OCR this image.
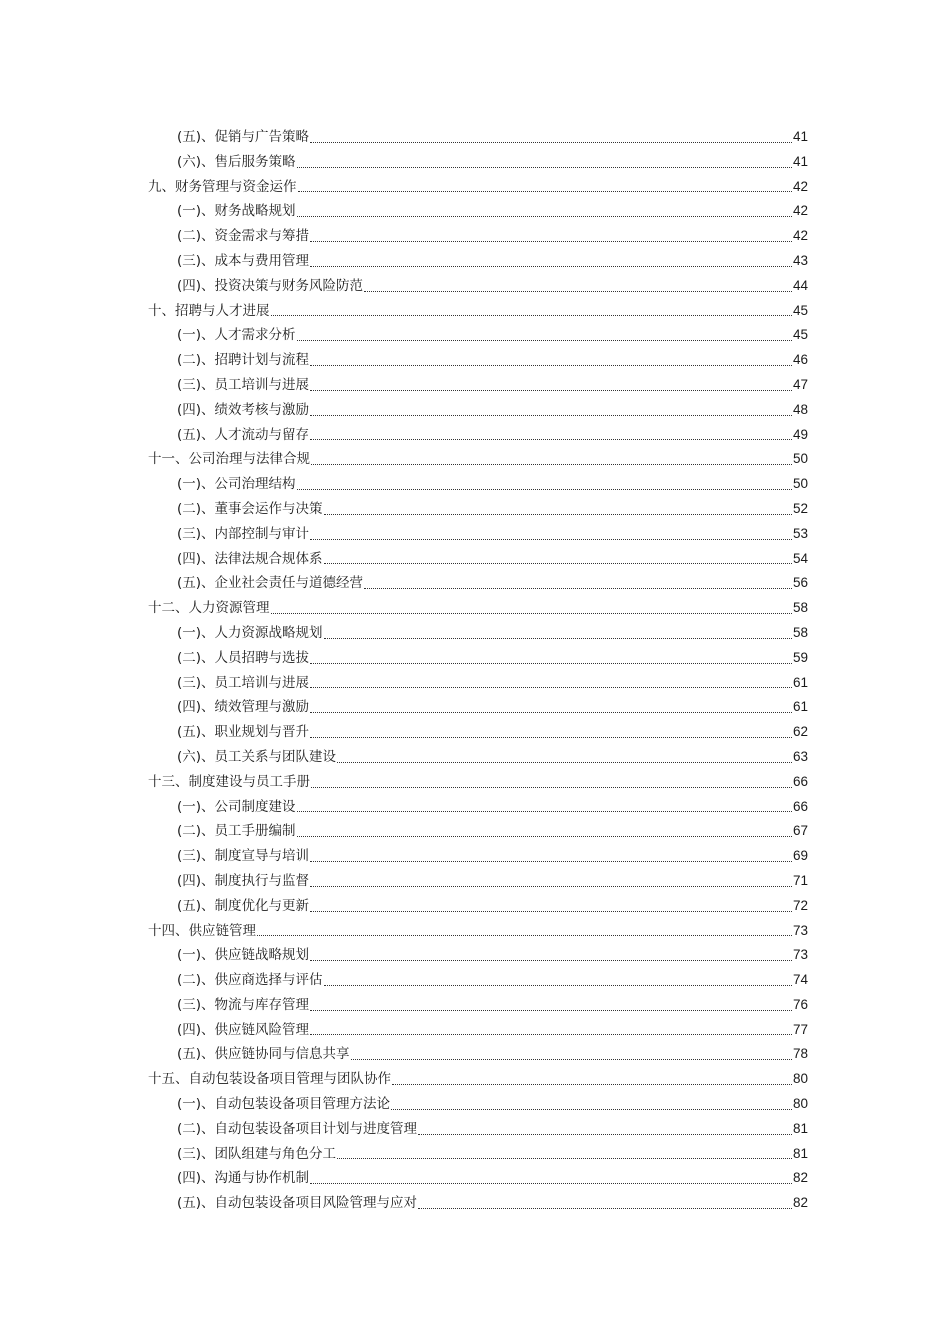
(五)、促销与广告策略	41
(六)、售后服务策略	41
九、财务管理与资金运作	42
(一)、财务战略规划	42
(二)、资金需求与筹措	42
(三)、成本与费用管理	43
(四)、投资决策与财务风险防范	44
十、招聘与人才进展	45
(一)、人才需求分析	45
(二)、招聘计划与流程	46
(三)、员工培训与进展	47
(四)、绩效考核与激励	48
(五)、人才流动与留存	49
十一、公司治理与法律合规	50
(一)、公司治理结构	50
(二)、董事会运作与决策	52
(三)、内部控制与审计	53
(四)、法律法规合规体系	54
(五)、企业社会责任与道德经营	56
十二、人力资源管理	58
(一)、人力资源战略规划	58
(二)、人员招聘与选拔	59
(三)、员工培训与进展	61
(四)、绩效管理与激励	61
(五)、职业规划与晋升	62
(六)、员工关系与团队建设	63
十三、制度建设与员工手册	66
(一)、公司制度建设	66
(二)、员工手册编制	67
(三)、制度宣导与培训	69
(四)、制度执行与监督	71
(五)、制度优化与更新	72
十四、供应链管理	73
(一)、供应链战略规划	73
(二)、供应商选择与评估	74
(三)、物流与库存管理	76
(四)、供应链风险管理	77
(五)、供应链协同与信息共享	78
十五、自动包装设备项目管理与团队协作	80
(一)、自动包装设备项目管理方法论	80
(二)、自动包装设备项目计划与进度管理	81
(三)、团队组建与角色分工	81
(四)、沟通与协作机制	82
(五)、自动包装设备项目风险管理与应对	82
